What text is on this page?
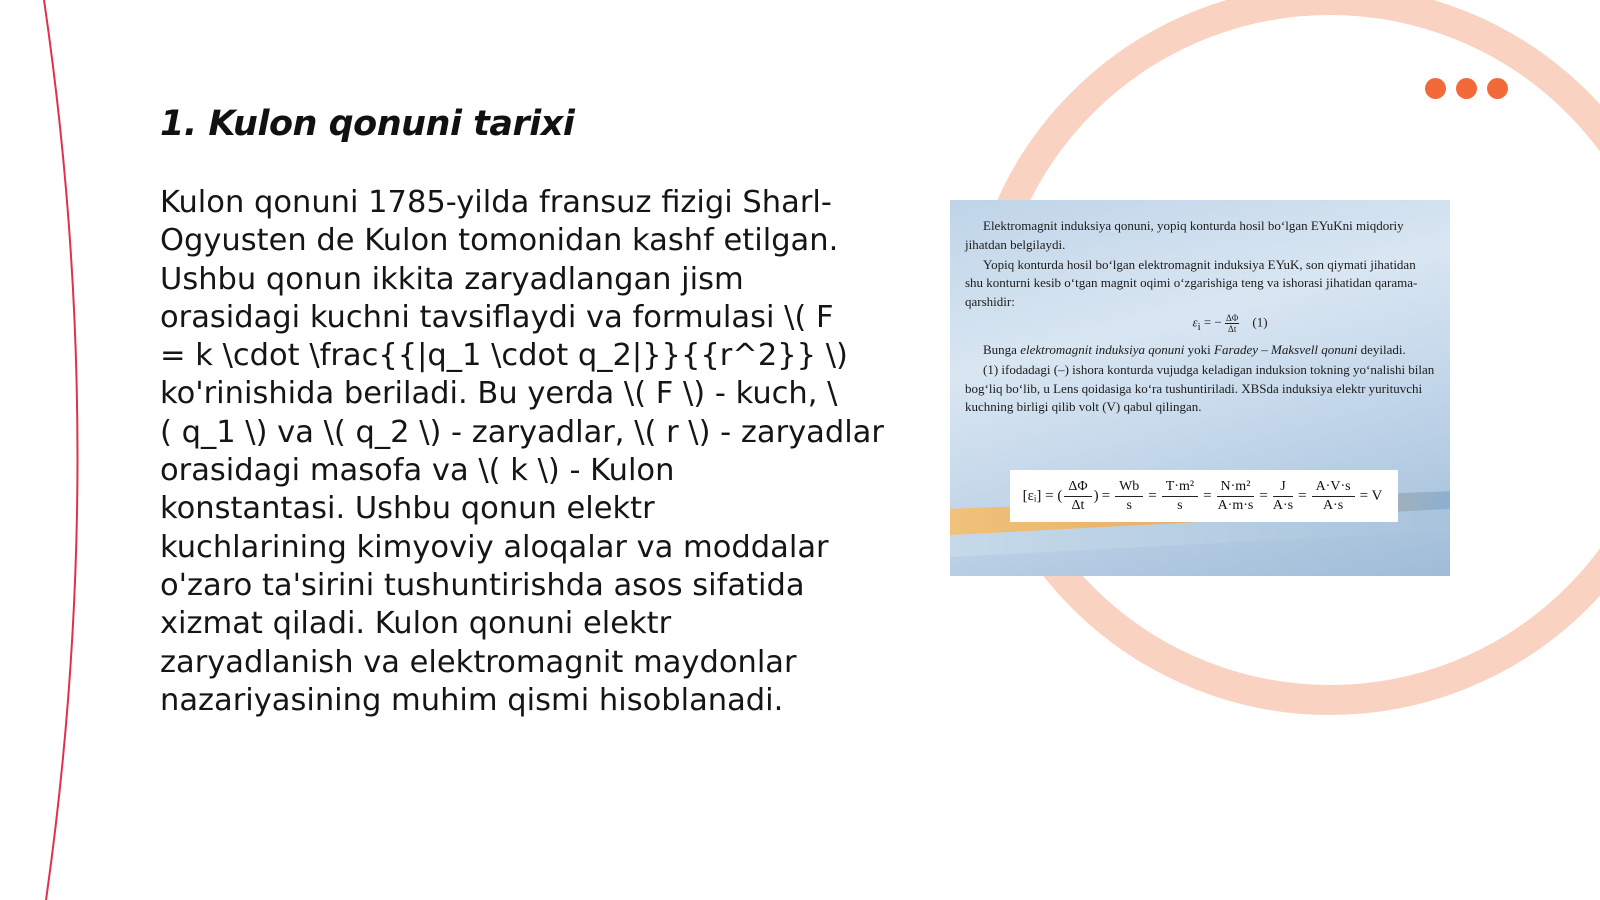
1. Kulon qonuni tarixi

Kulon qonuni 1785-yilda fransuz fizigi Sharl-
Ogyusten de Kulon tomonidan kashf etilgan.
Ushbu qonun ikkita zaryadlangan jism
orasidagi kuchni tavsiflaydi va formulasi \( F
= k \cdot \frac{{|q_1 \cdot q_2|}}{{r^2}} \)
ko'rinishida beriladi. Bu yerda \( F \) - kuch, \
( q_1 \) va \( q_2 \) - zaryadlar, \( r \) - zaryadlar
orasidagi masofa va \( k \) - Kulon
konstantasi. Ushbu qonun elektr
kuchlarining kimyoviy aloqalar va moddalar
o'zaro ta'sirini tushuntirishda asos sifatida
xizmat qiladi. Kulon qonuni elektr
zaryadlanish va elektromagnit maydonlar
nazariyasining muhim qismi hisoblanadi.

Elektromagnit induksiya qonuni, yopiq konturda hosil bo‘lgan EYuKni miqdoriy jihatdan belgilaydi.

Yopiq konturda hosil bo‘lgan elektromagnit induksiya EYuK, son qiymati jihatidan shu konturni kesib o‘tgan magnit oqimi o‘zgarishiga teng va ishorasi jihatidan qarama-qarshidir:

$\varepsilon_i$ = − $\frac{\Delta\Phi}{\Delta t} (1)$

Bunga elektromagnit induksiya qonuni yoki Faradey – Maksvell qonuni deyiladi.

(1) ifodadagi (–) ishora konturda vujudga keladigan induksion tokning yo‘nalishi bilan bog‘liq bo‘lib, u Lens qoidasiga ko‘ra tushuntiriladi. XBSda induksiya elektr yurituvchi kuchning birligi qilib volt (V) qabul qilingan.

[εᵢ] = ( $\frac{\Delta\Phi}{\Delta t}$ ) = $\frac{Wb}{s} = \frac{\text{T·m²}}{s} = \frac{\text{N·m²}}{A\cdot m\cdot s} = \frac{J}{A\cdot s} = \frac{A\cdot V\cdot s}{A\cdot s} = V$
